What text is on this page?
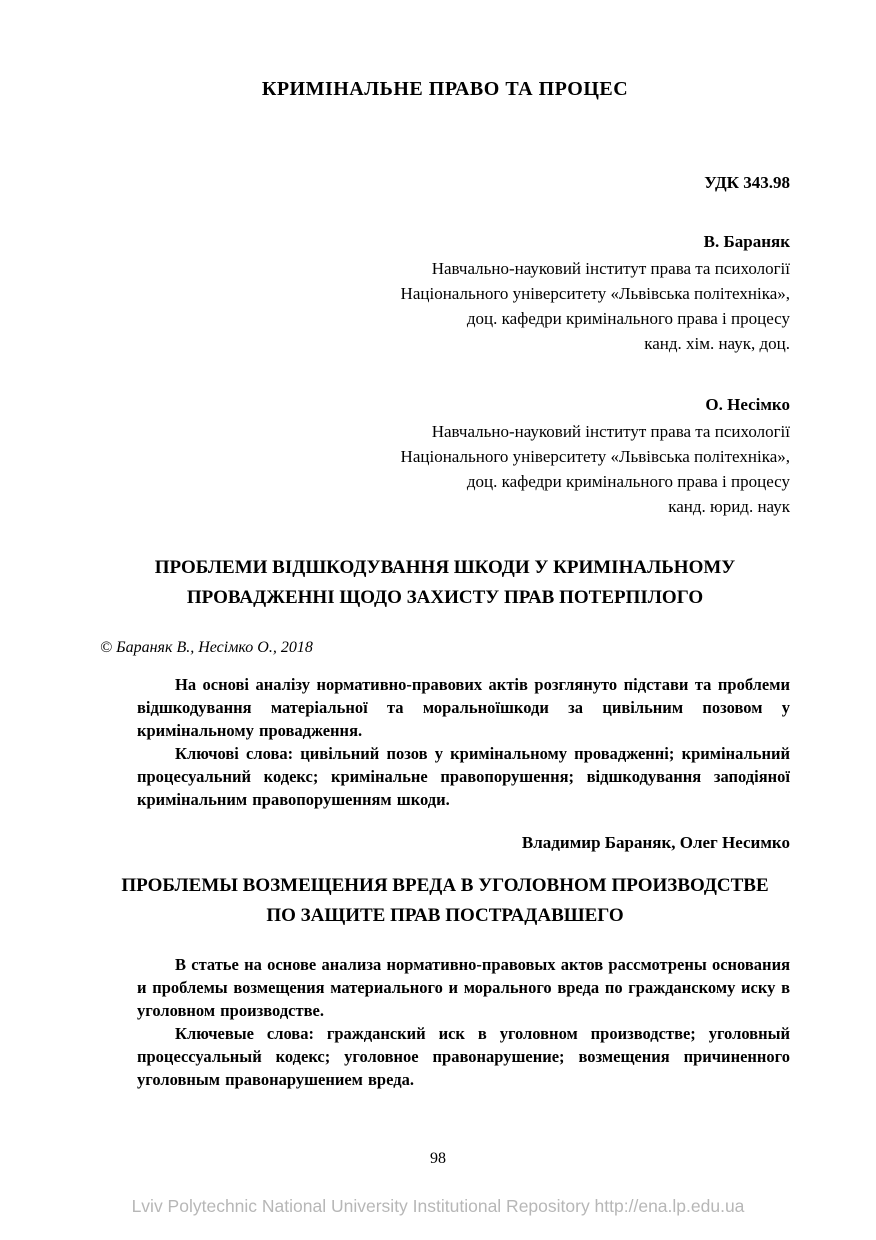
КРИМІНАЛЬНЕ ПРАВО ТА ПРОЦЕС
УДК 343.98
В. Бараняк
Навчально-науковий інститут права та психології
Національного університету «Львівська політехніка»,
доц. кафедри кримінального права і процесу
канд. хім. наук, доц.
О. Несімко
Навчально-науковий інститут права та психології
Національного університету «Львівська політехніка»,
доц. кафедри кримінального права і процесу
канд. юрид. наук
ПРОБЛЕМИ ВІДШКОДУВАННЯ ШКОДИ У КРИМІНАЛЬНОМУ ПРОВАДЖЕННІ ЩОДО ЗАХИСТУ ПРАВ ПОТЕРПІЛОГО
© Бараняк В., Несімко О., 2018

На основі аналізу нормативно-правових актів розглянуто підстави та проблеми відшкодування матеріальної та моральноїшкоди за цивільним позовом у кримінальному провадження.

Ключові слова: цивільний позов у кримінальному провадженні; кримінальний процесуальний кодекс; кримінальне правопорушення; відшкодування заподіяної кримінальним правопорушенням шкоди.

Владимир Бараняк, Олег Несимко
ПРОБЛЕМЫ ВОЗМЕЩЕНИЯ ВРЕДА В УГОЛОВНОМ ПРОИЗВОДСТВЕ ПО ЗАЩИТЕ ПРАВ ПОСТРАДАВШЕГО

В статье на основе анализа нормативно-правовых актов рассмотрены основания и проблемы возмещения материального и морального вреда по гражданскому иску в уголовном производстве.

Ключевые слова: гражданский иск в уголовном производстве; уголовный процессуальный кодекс; уголовное правонарушение; возмещения причиненного уголовным правонарушением вреда.

98
Lviv Polytechnic National University Institutional Repository http://ena.lp.edu.ua
